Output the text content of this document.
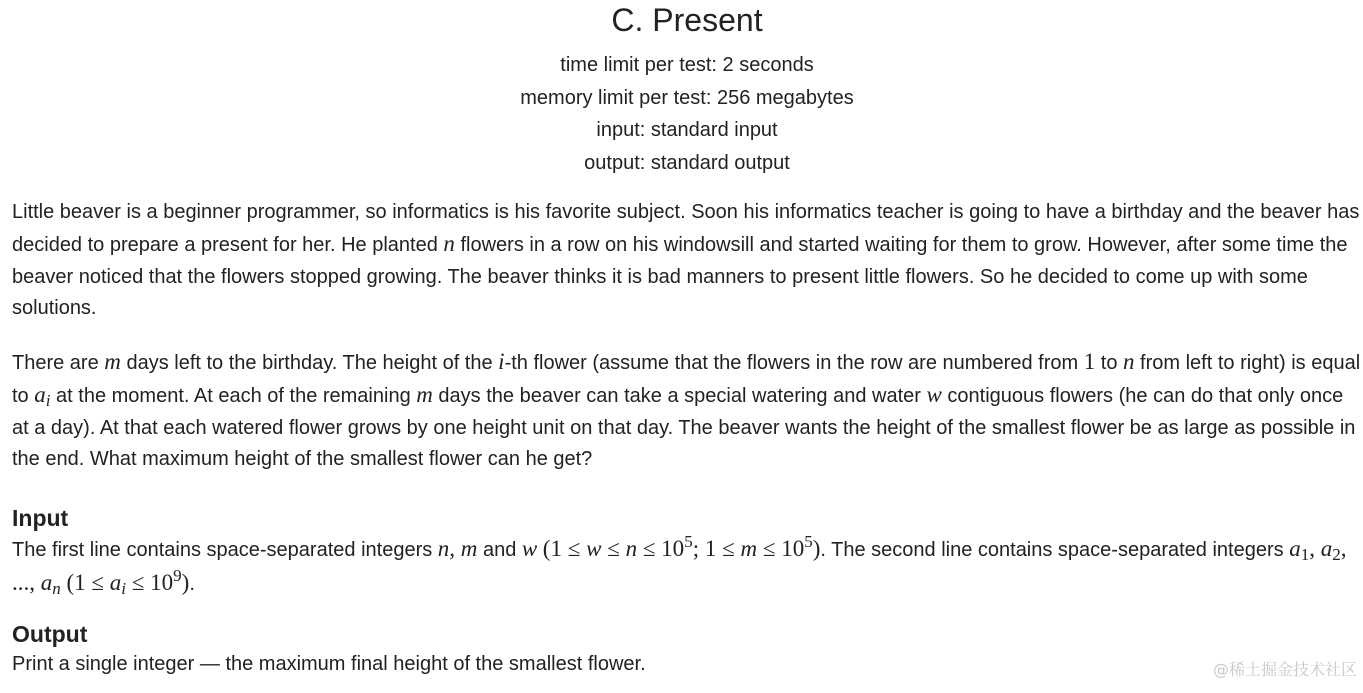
C. Present
time limit per test: 2 seconds
memory limit per test: 256 megabytes
input: standard input
output: standard output

Little beaver is a beginner programmer, so informatics is his favorite subject. Soon his informatics teacher is going to have a birthday and the beaver has decided to prepare a present for her. He planted n flowers in a row on his windowsill and started waiting for them to grow. However, after some time the beaver noticed that the flowers stopped growing. The beaver thinks it is bad manners to present little flowers. So he decided to come up with some solutions.

There are m days left to the birthday. The height of the i-th flower (assume that the flowers in the row are numbered from 1 to n from left to right) is equal to $a_i$ at the moment. At each of the remaining m days the beaver can take a special watering and water w contiguous flowers (he can do that only once at a day). At that each watered flower grows by one height unit on that day. The beaver wants the height of the smallest flower be as large as possible in the end. What maximum height of the smallest flower can he get?

Input

The first line contains space-separated integers n, m and w ($1 \le w \le n \le 10^5$; $1 \le m \le 10^5$). The second line contains space-separated integers $a_1$, $a_2$, ..., $a_n$ $(1 \le a_i \le 10^9)$.

Output

Print a single integer — the maximum final height of the smallest flower.	@稀土掘金技术社区
